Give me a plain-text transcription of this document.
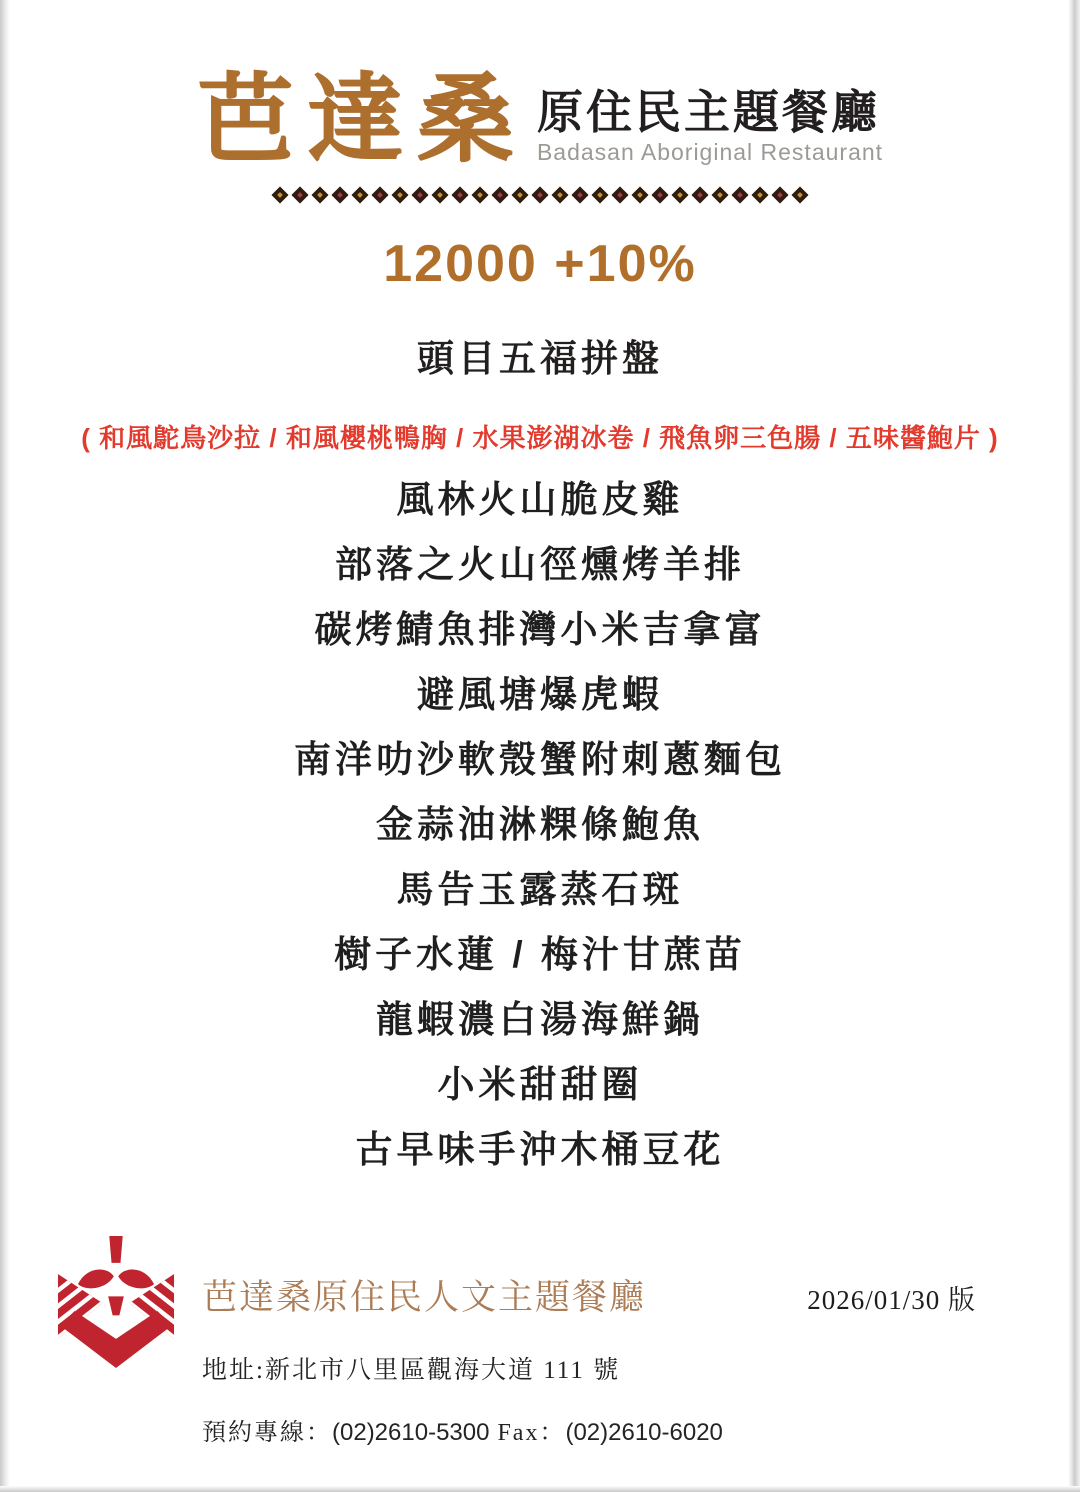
芭達桑 原住民主題餐廳
Badasan Aboriginal Restaurant
12000 +10%
頭目五福拼盤
( 和風鴕鳥沙拉 / 和風櫻桃鴨胸 / 水果澎湖冰卷 / 飛魚卵三色腸 / 五味醬鮑片 )
風林火山脆皮雞
部落之火山徑燻烤羊排
碳烤鯖魚排灣小米吉拿富
避風塘爆虎蝦
南洋叻沙軟殼蟹附刺蔥麵包
金蒜油淋粿條鮑魚
馬告玉露蒸石斑
樹子水蓮 / 梅汁甘蔗苗
龍蝦濃白湯海鮮鍋
小米甜甜圈
古早味手沖木桶豆花
芭達桑原住民人文主題餐廳	2026/01/30 版
地址:新北市八里區觀海大道 111 號
預約專線：(02)2610-5300 Fax：(02)2610-6020
